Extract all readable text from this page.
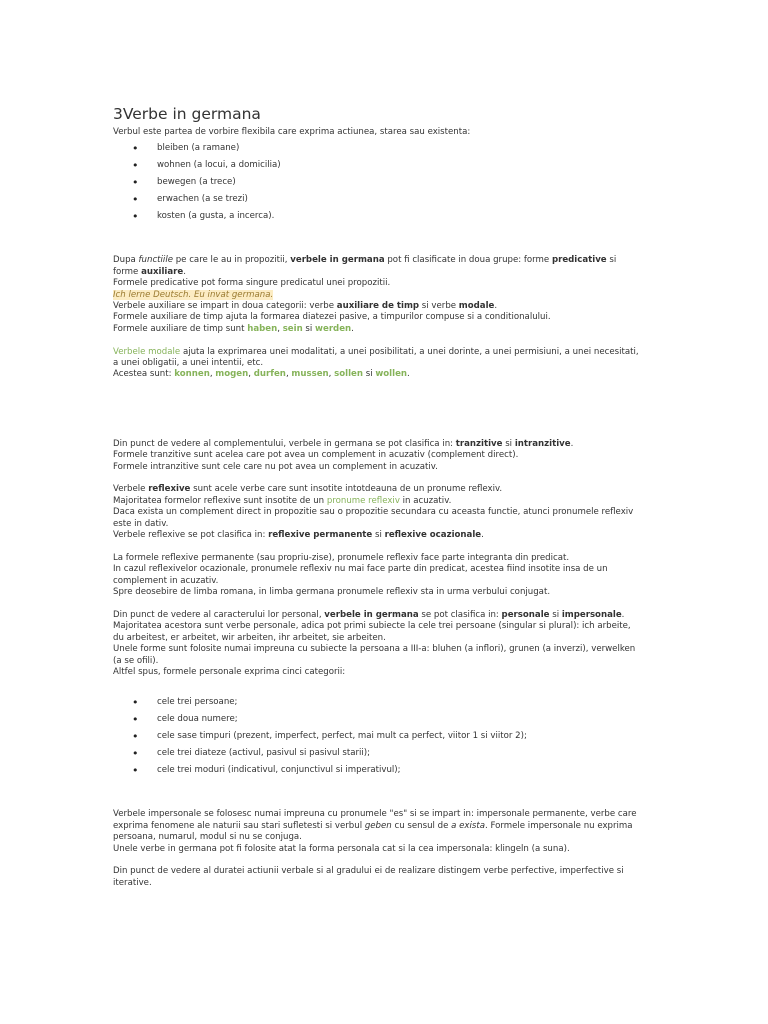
3Verbe in germana

Verbul este partea de vorbire flexibila care exprima actiunea, starea sau existenta:

• bleiben (a ramane)
• wohnen (a locui, a domicilia)
• bewegen (a trece)
• erwachen (a se trezi)
• kosten (a gusta, a incerca).

Dupa functiile pe care le au in propozitii, verbele in germana pot fi clasificate in doua grupe: forme predicative si forme auxiliare.

Formele predicative pot forma singure predicatul unei propozitii.

Ich lerne Deutsch. Eu invat germana.

Verbele auxiliare se impart in doua categorii: verbe auxiliare de timp si verbe modale.

Formele auxiliare de timp ajuta la formarea diatezei pasive, a timpurilor compuse si a conditionalului.

Formele auxiliare de timp sunt haben, sein si werden.

Verbele modale ajuta la exprimarea unei modalitati, a unei posibilitati, a unei dorinte, a unei permisiuni, a unei necesitati, a unei obligatii, a unei intentii, etc.

Acestea sunt: konnen, mogen, durfen, mussen, sollen si wollen.

Din punct de vedere al complementului, verbele in germana se pot clasifica in: tranzitive si intranzitive.

Formele tranzitive sunt acelea care pot avea un complement in acuzativ (complement direct).

Formele intranzitive sunt cele care nu pot avea un complement in acuzativ.

Verbele reflexive sunt acele verbe care sunt insotite intotdeauna de un pronume reflexiv.

Majoritatea formelor reflexive sunt insotite de un pronume reflexiv in acuzativ.

Daca exista un complement direct in propozitie sau o propozitie secundara cu aceasta functie, atunci pronumele reflexiv este in dativ.

Verbele reflexive se pot clasifica in: reflexive permanente si reflexive ocazionale.

La formele reflexive permanente (sau propriu-zise), pronumele reflexiv face parte integranta din predicat.

In cazul reflexivelor ocazionale, pronumele reflexiv nu mai face parte din predicat, acestea fiind insotite insa de un complement in acuzativ.

Spre deosebire de limba romana, in limba germana pronumele reflexiv sta in urma verbului conjugat.

Din punct de vedere al caracterului lor personal, verbele in germana se pot clasifica in: personale si impersonale.

Majoritatea acestora sunt verbe personale, adica pot primi subiecte la cele trei persoane (singular si plural): ich arbeite, du arbeitest, er arbeitet, wir arbeiten, ihr arbeitet, sie arbeiten.

Unele forme sunt folosite numai impreuna cu subiecte la persoana a III-a: bluhen (a inflori), grunen (a inverzi), verwelken (a se ofili).

Altfel spus, formele personale exprima cinci categorii:

• cele trei persoane;
• cele doua numere;
• cele sase timpuri (prezent, imperfect, perfect, mai mult ca perfect, viitor 1 si viitor 2);
• cele trei diateze (activul, pasivul si pasivul starii);
• cele trei moduri (indicativul, conjunctivul si imperativul);

Verbele impersonale se folosesc numai impreuna cu pronumele "es" si se impart in: impersonale permanente, verbe care exprima fenomene ale naturii sau stari sufletesti si verbul geben cu sensul de a exista. Formele impersonale nu exprima persoana, numarul, modul si nu se conjuga.

Unele verbe in germana pot fi folosite atat la forma personala cat si la cea impersonala: klingeln (a suna).

Din punct de vedere al duratei actiunii verbale si al gradului ei de realizare distingem verbe perfective, imperfective si iterative.
